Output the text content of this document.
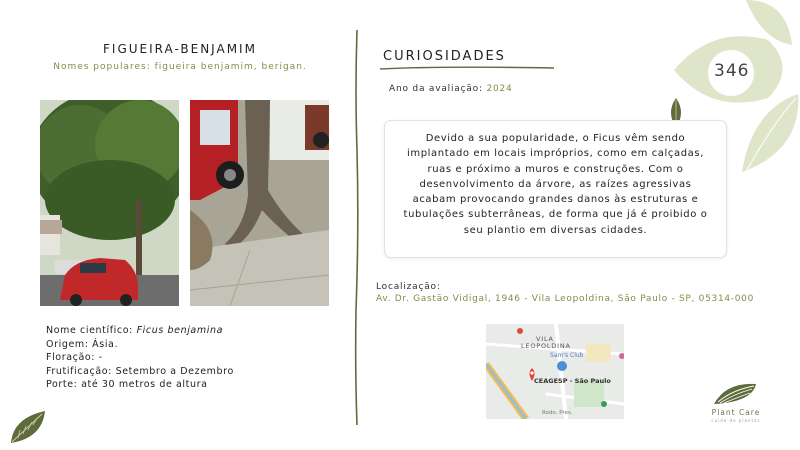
FIGUEIRA-BENJAMIM
Nomes populares: figueira benjamim, berigan.
Nome científico: Ficus benjamina
Origem: Ásia.
Floração: -
Frutificação: Setembro a Dezembro
Porte: até 30 metros de altura
CURIOSIDADES
Ano da avaliação: 2024
Devido a sua popularidade, o Ficus vêm sendo implantado em locais impróprios, como em calçadas, ruas e próximo a muros e construções. Com o desenvolvimento da árvore, as raízes agressivas acabam provocando grandes danos às estruturas e tubulações subterrâneas, de forma que já é proibido o seu plantio em diversas cidades.
Localização:
Av. Dr. Gastão Vidigal, 1946 - Vila Leopoldina, São Paulo - SP, 05314-000
VILA
LEOPOLDINA
Sam's Club
CEAGESP - São Paulo
Rodo. Pres.
346
Plant Care
cuide de plantas
